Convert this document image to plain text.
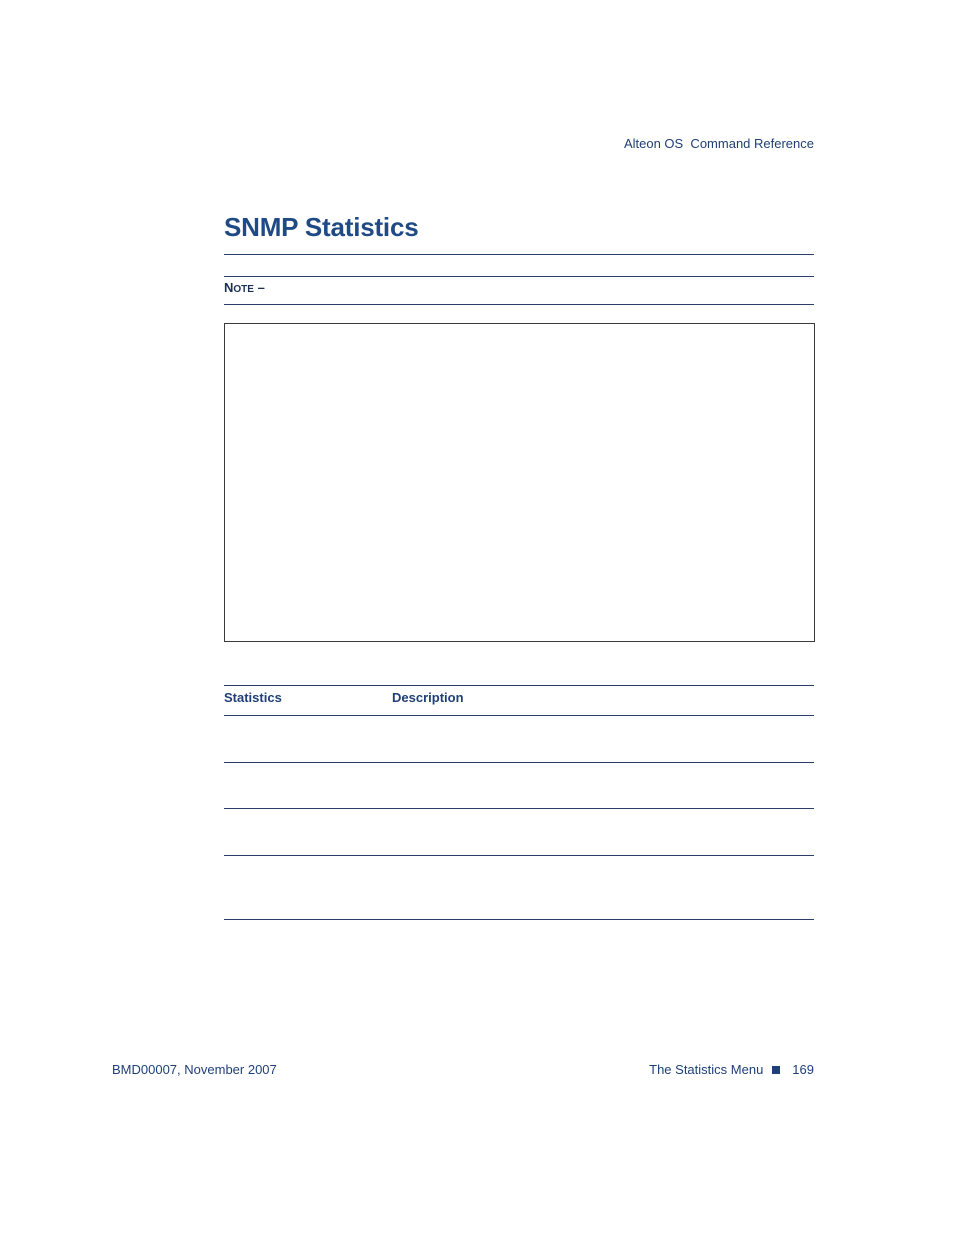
Alteon OS  Command Reference
SNMP Statistics
NOTE –
Statistics	Description
BMD00007, November 2007	The Statistics Menu 169
